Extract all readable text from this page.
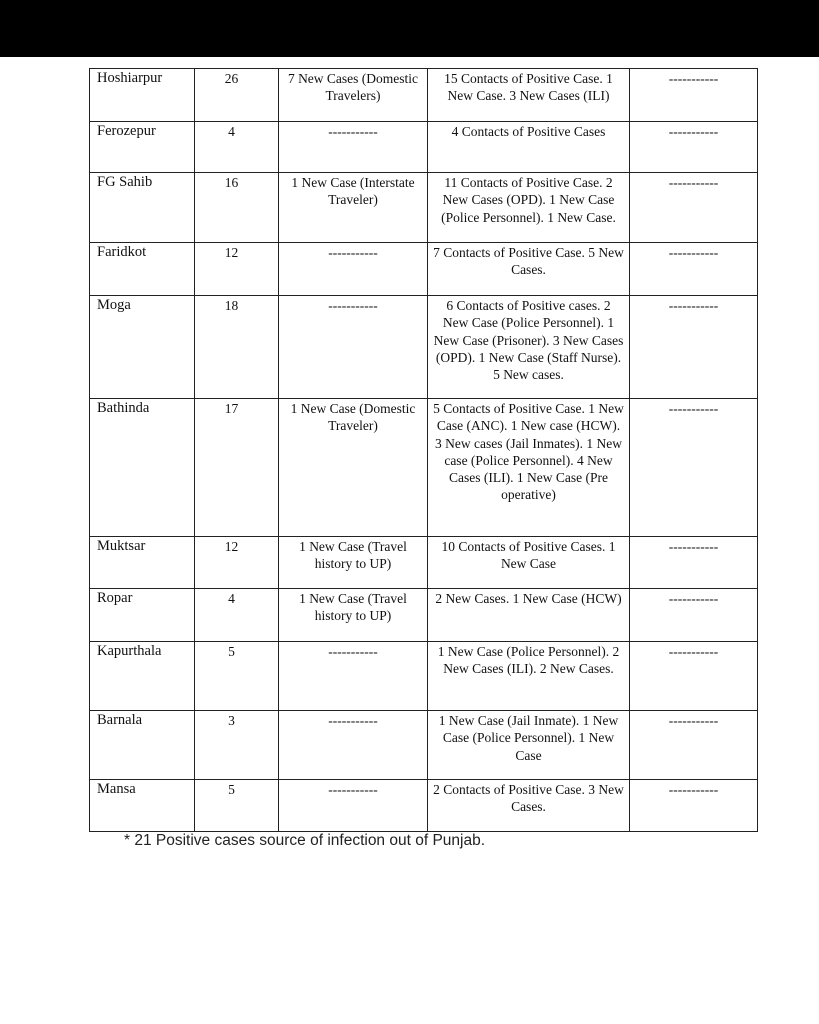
Hoshiarpur	26	7 New Cases (Domestic Travelers)	15 Contacts of Positive Case. 1 New Case. 3 New Cases (ILI)	-----------
Ferozepur	4	-----------	4 Contacts of Positive Cases	-----------
FG Sahib	16	1 New Case (Interstate Traveler)	11 Contacts of Positive Case. 2 New Cases (OPD). 1 New Case (Police Personnel). 1 New Case.	-----------
Faridkot	12	-----------	7 Contacts of Positive Case. 5 New Cases.	-----------
Moga	18	-----------	6 Contacts of Positive cases. 2 New Case (Police Personnel). 1 New Case (Prisoner). 3 New Cases (OPD). 1 New Case (Staff Nurse). 5 New cases.	-----------
Bathinda	17	1 New Case (Domestic Traveler)	5 Contacts of Positive Case. 1 New Case (ANC). 1 New case (HCW). 3 New cases (Jail Inmates). 1 New case (Police Personnel). 4 New Cases (ILI). 1 New Case (Pre operative)	-----------
Muktsar	12	1 New Case (Travel history to UP)	10 Contacts of Positive Cases. 1 New Case	-----------
Ropar	4	1 New Case (Travel history to UP)	2 New Cases. 1 New Case (HCW)	-----------
Kapurthala	5	-----------	1 New Case (Police Personnel). 2 New Cases (ILI). 2 New Cases.	-----------
Barnala	3	-----------	1 New Case (Jail Inmate). 1 New Case (Police Personnel). 1 New Case	-----------
Mansa	5	-----------	2 Contacts of Positive Case. 3 New Cases.	-----------
* 21 Positive cases source of infection out of Punjab.
